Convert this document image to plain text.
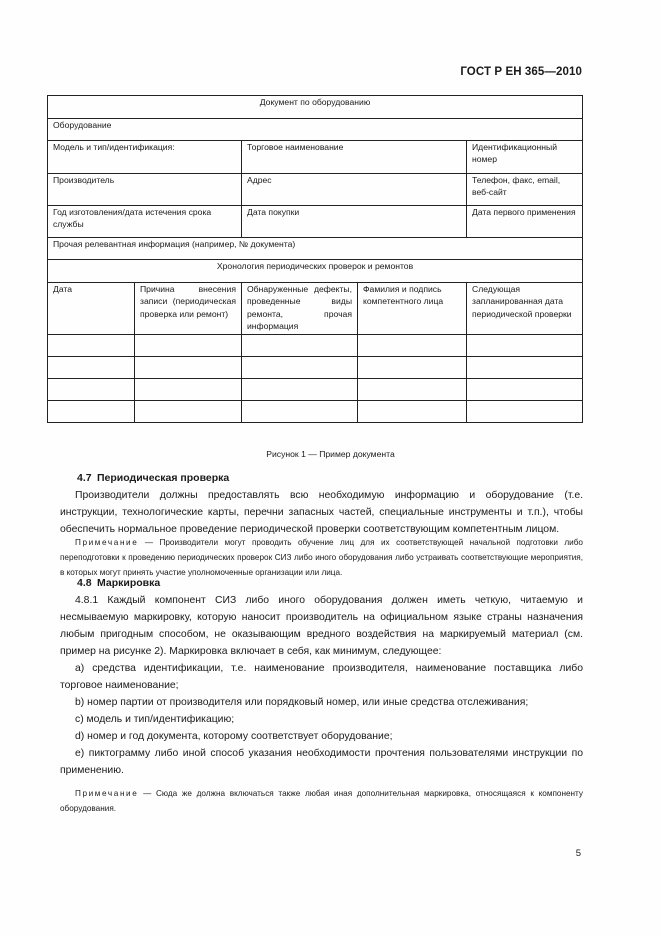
ГОСТ Р ЕН 365—2010
Документ по оборудованию				
Оборудование				
Модель и тип/идентификация:		Торговое наименование		Идентификационный номер
Производитель		Адрес		Телефон, факс, email, веб-сайт
Год изготовления/дата истечения срока службы		Дата покупки		Дата первого применения
Прочая релевантная информация (например, № документа)				
Хронология периодических проверок и ремонтов				
Дата	Причина внесения записи (периодическая проверка или ремонт)	Обнаруженные дефекты, проведенные виды ремонта, прочая информация	Фамилия и подпись компетентного лица	Следующая запланированная дата периодической проверки

Рисунок 1 — Пример документа
4.7 Периодическая проверка
Производители должны предоставлять всю необходимую информацию и оборудование (т.е. инструкции, технологические карты, перечни запасных частей, специальные инструменты и т.п.), чтобы обеспечить нормальное проведение периодической проверки соответствующим компетентным лицом.
Примечание — Производители могут проводить обучение лиц для их соответствующей начальной подготовки либо переподготовки к проведению периодических проверок СИЗ либо иного оборудования либо устраивать соответствующие мероприятия, в которых могут принять участие уполномоченные организации или лица.
4.8 Маркировка
4.8.1 Каждый компонент СИЗ либо иного оборудования должен иметь четкую, читаемую и несмываемую маркировку, которую наносит производитель на официальном языке страны назначения любым пригодным способом, не оказывающим вредного воздействия на маркируемый материал (см. пример на рисунке 2). Маркировка включает в себя, как минимум, следующее:
a) средства идентификации, т.е. наименование производителя, наименование поставщика либо торговое наименование;
b) номер партии от производителя или порядковый номер, или иные средства отслеживания;
c) модель и тип/идентификацию;
d) номер и год документа, которому соответствует оборудование;
e) пиктограмму либо иной способ указания необходимости прочтения пользователями инструкции по применению.
Примечание — Сюда же должна включаться также любая иная дополнительная маркировка, относящаяся к компоненту оборудования.
5
